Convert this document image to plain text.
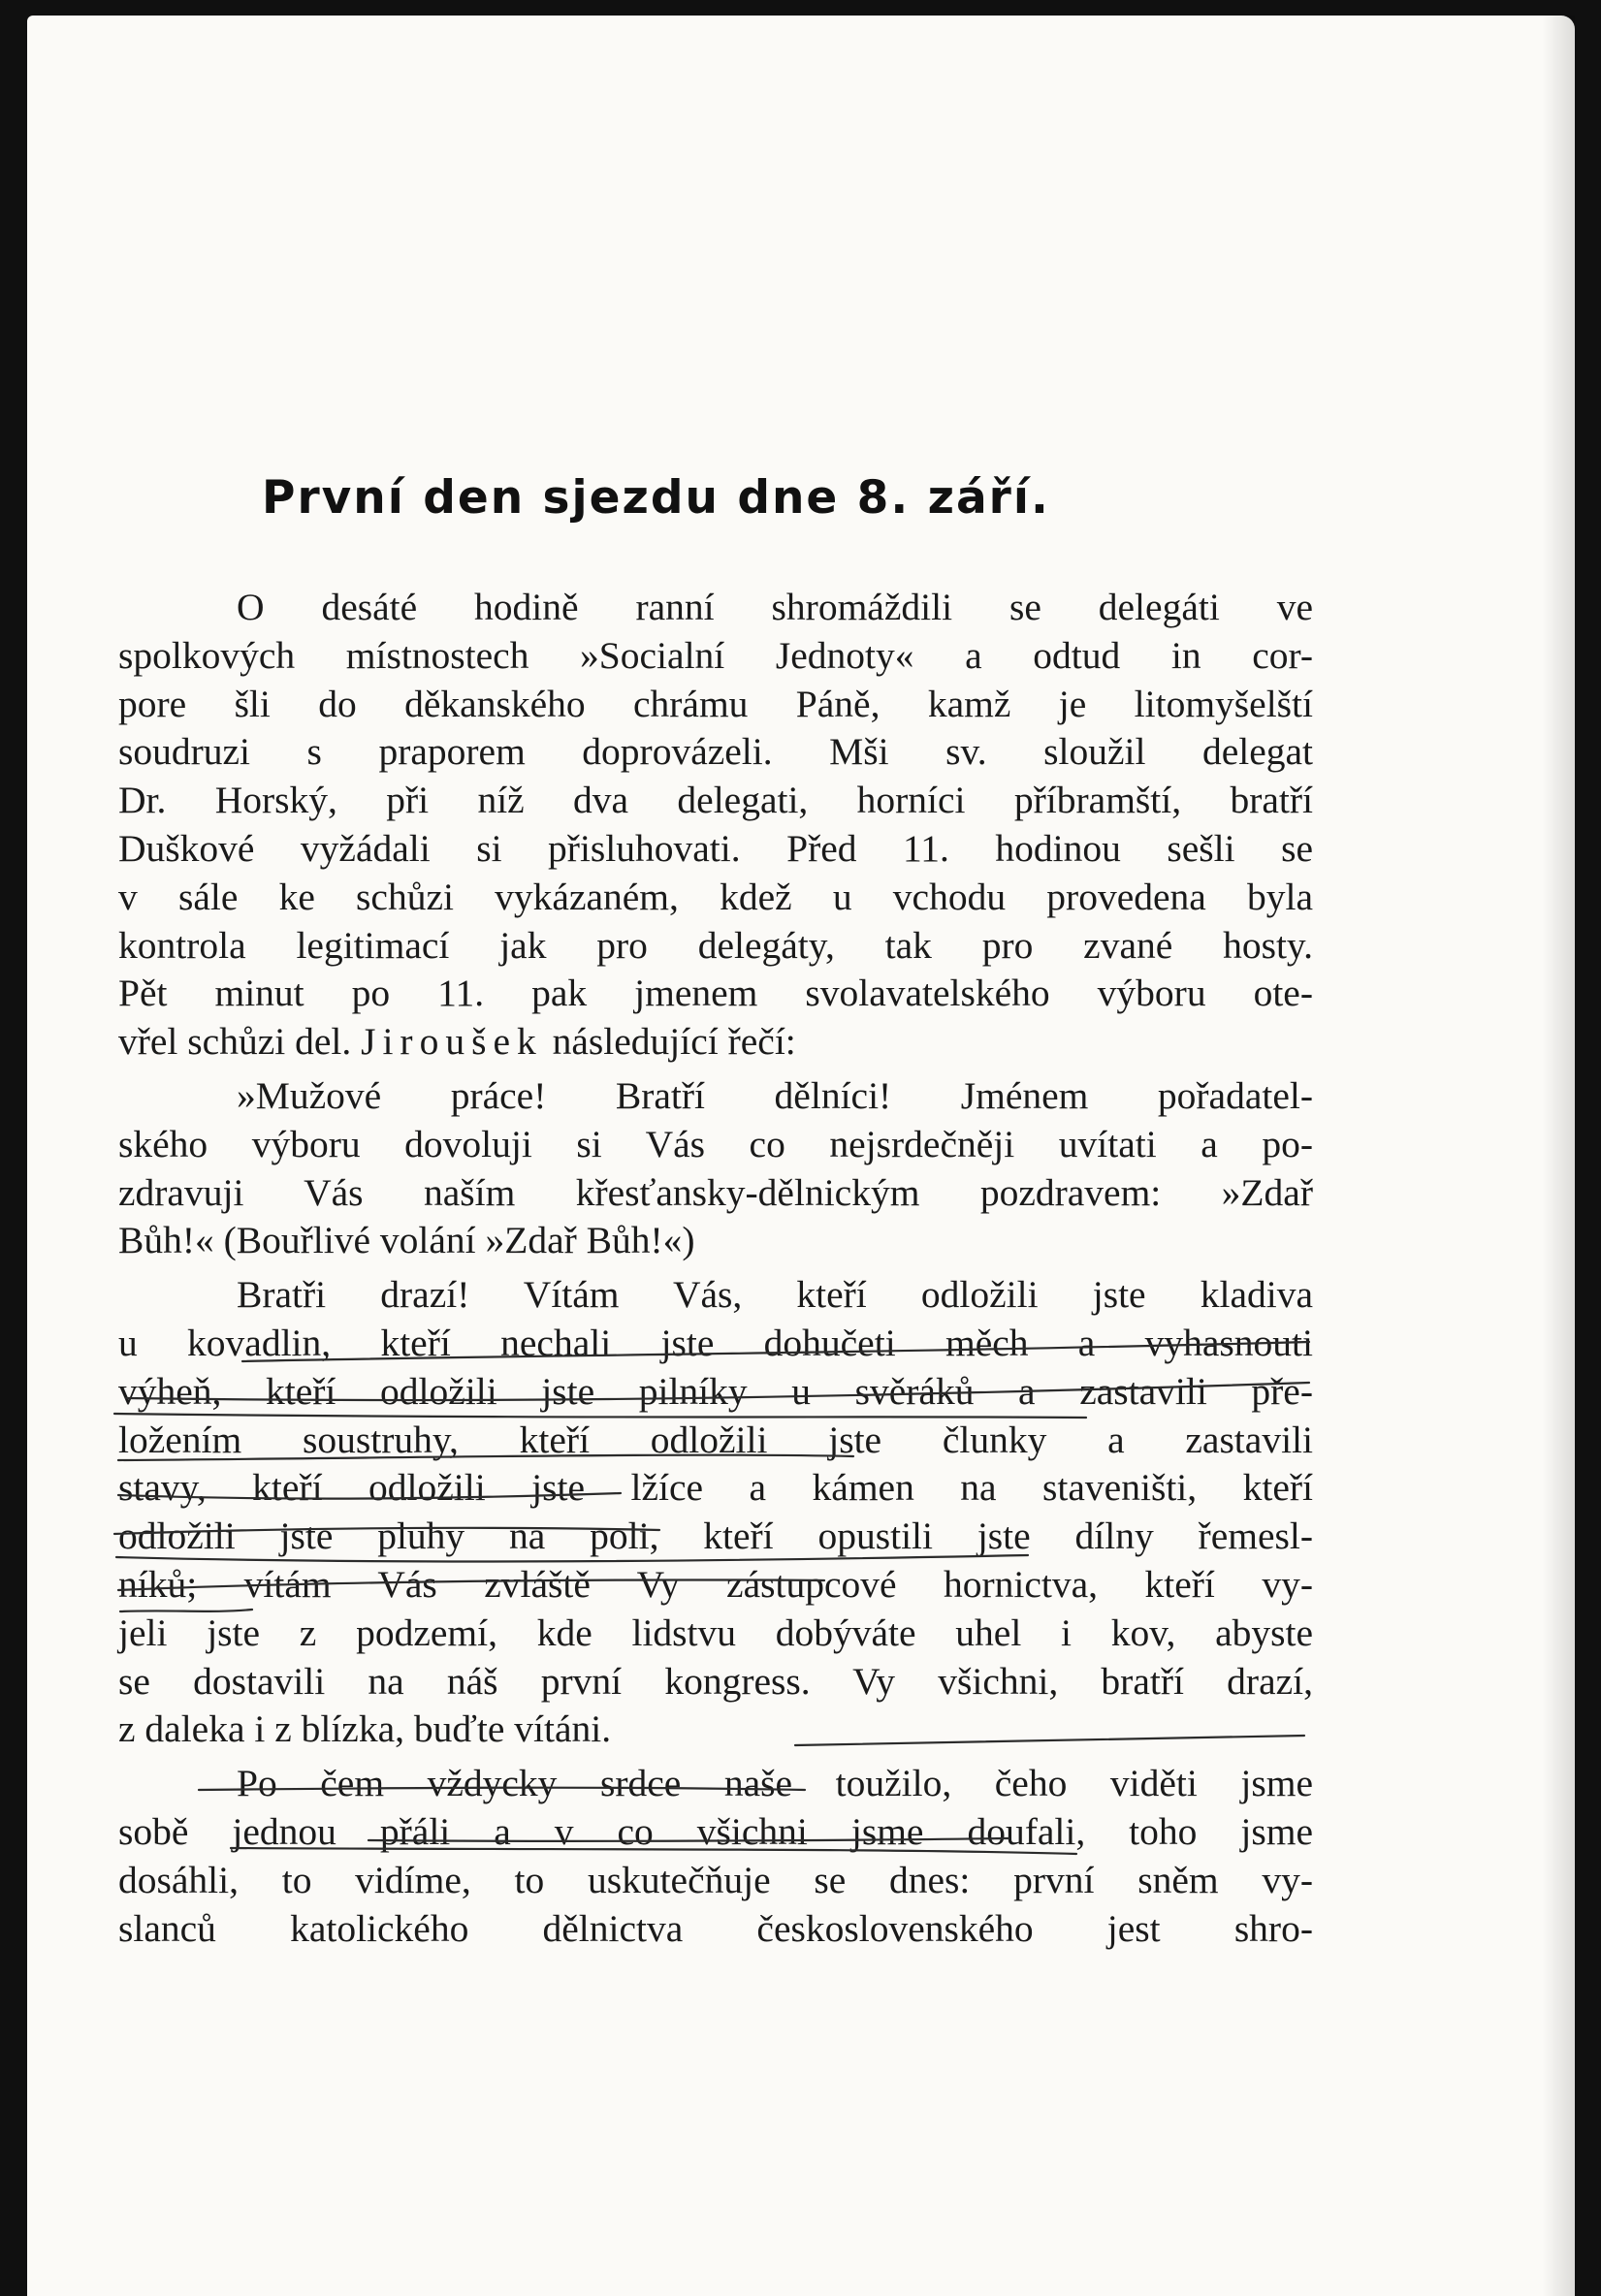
První den sjezdu dne 8. září.
O desáté hodině ranní shromáždili se delegáti ve
spolkových místnostech »Socialní Jednoty« a odtud in cor-
pore šli do děkanského chrámu Páně, kamž je litomyšelští
soudruzi s praporem doprovázeli. Mši sv. sloužil delegat
Dr. Horský, při níž dva delegati, horníci příbramští, bratří
Duškové vyžádali si přisluhovati. Před 11. hodinou sešli se
v sále ke schůzi vykázaném, kdež u vchodu provedena byla
kontrola legitimací jak pro delegáty, tak pro zvané hosty.
Pět minut po 11. pak jmenem svolavatelského výboru ote-
vřel schůzi del. Jiroušek následující řečí:
»Mužové práce! Bratří dělníci! Jménem pořadatel-
ského výboru dovoluji si Vás co nejsrdečněji uvítati a po-
zdravuji Vás naším křesťansky-dělnickým pozdravem: »Zdař
Bůh!« (Bouřlivé volání »Zdař Bůh!«)
Bratři drazí! Vítám Vás, kteří odložili jste kladiva
u kovadlin, kteří nechali jste dohučeti měch a vyhasnouti
výheň, kteří odložili jste pilníky u svěráků a zastavili pře-
ložením soustruhy, kteří odložili jste člunky a zastavili
stavy, kteří odložili jste lžíce a kámen na staveništi, kteří
odložili jste pluhy na poli, kteří opustili jste dílny řemesl-
níků; vítám Vás zvláště Vy zástupcové hornictva, kteří vy-
jeli jste z podzemí, kde lidstvu dobýváte uhel i kov, abyste
se dostavili na náš první kongress. Vy všichni, bratří drazí,
z daleka i z blízka, buďte vítáni.
Po čem vždycky srdce naše toužilo, čeho viděti jsme
sobě jednou přáli a v co všichni jsme doufali, toho jsme
dosáhli, to vidíme, to uskutečňuje se dnes: první sněm vy-
slanců katolického dělnictva československého jest shro-
